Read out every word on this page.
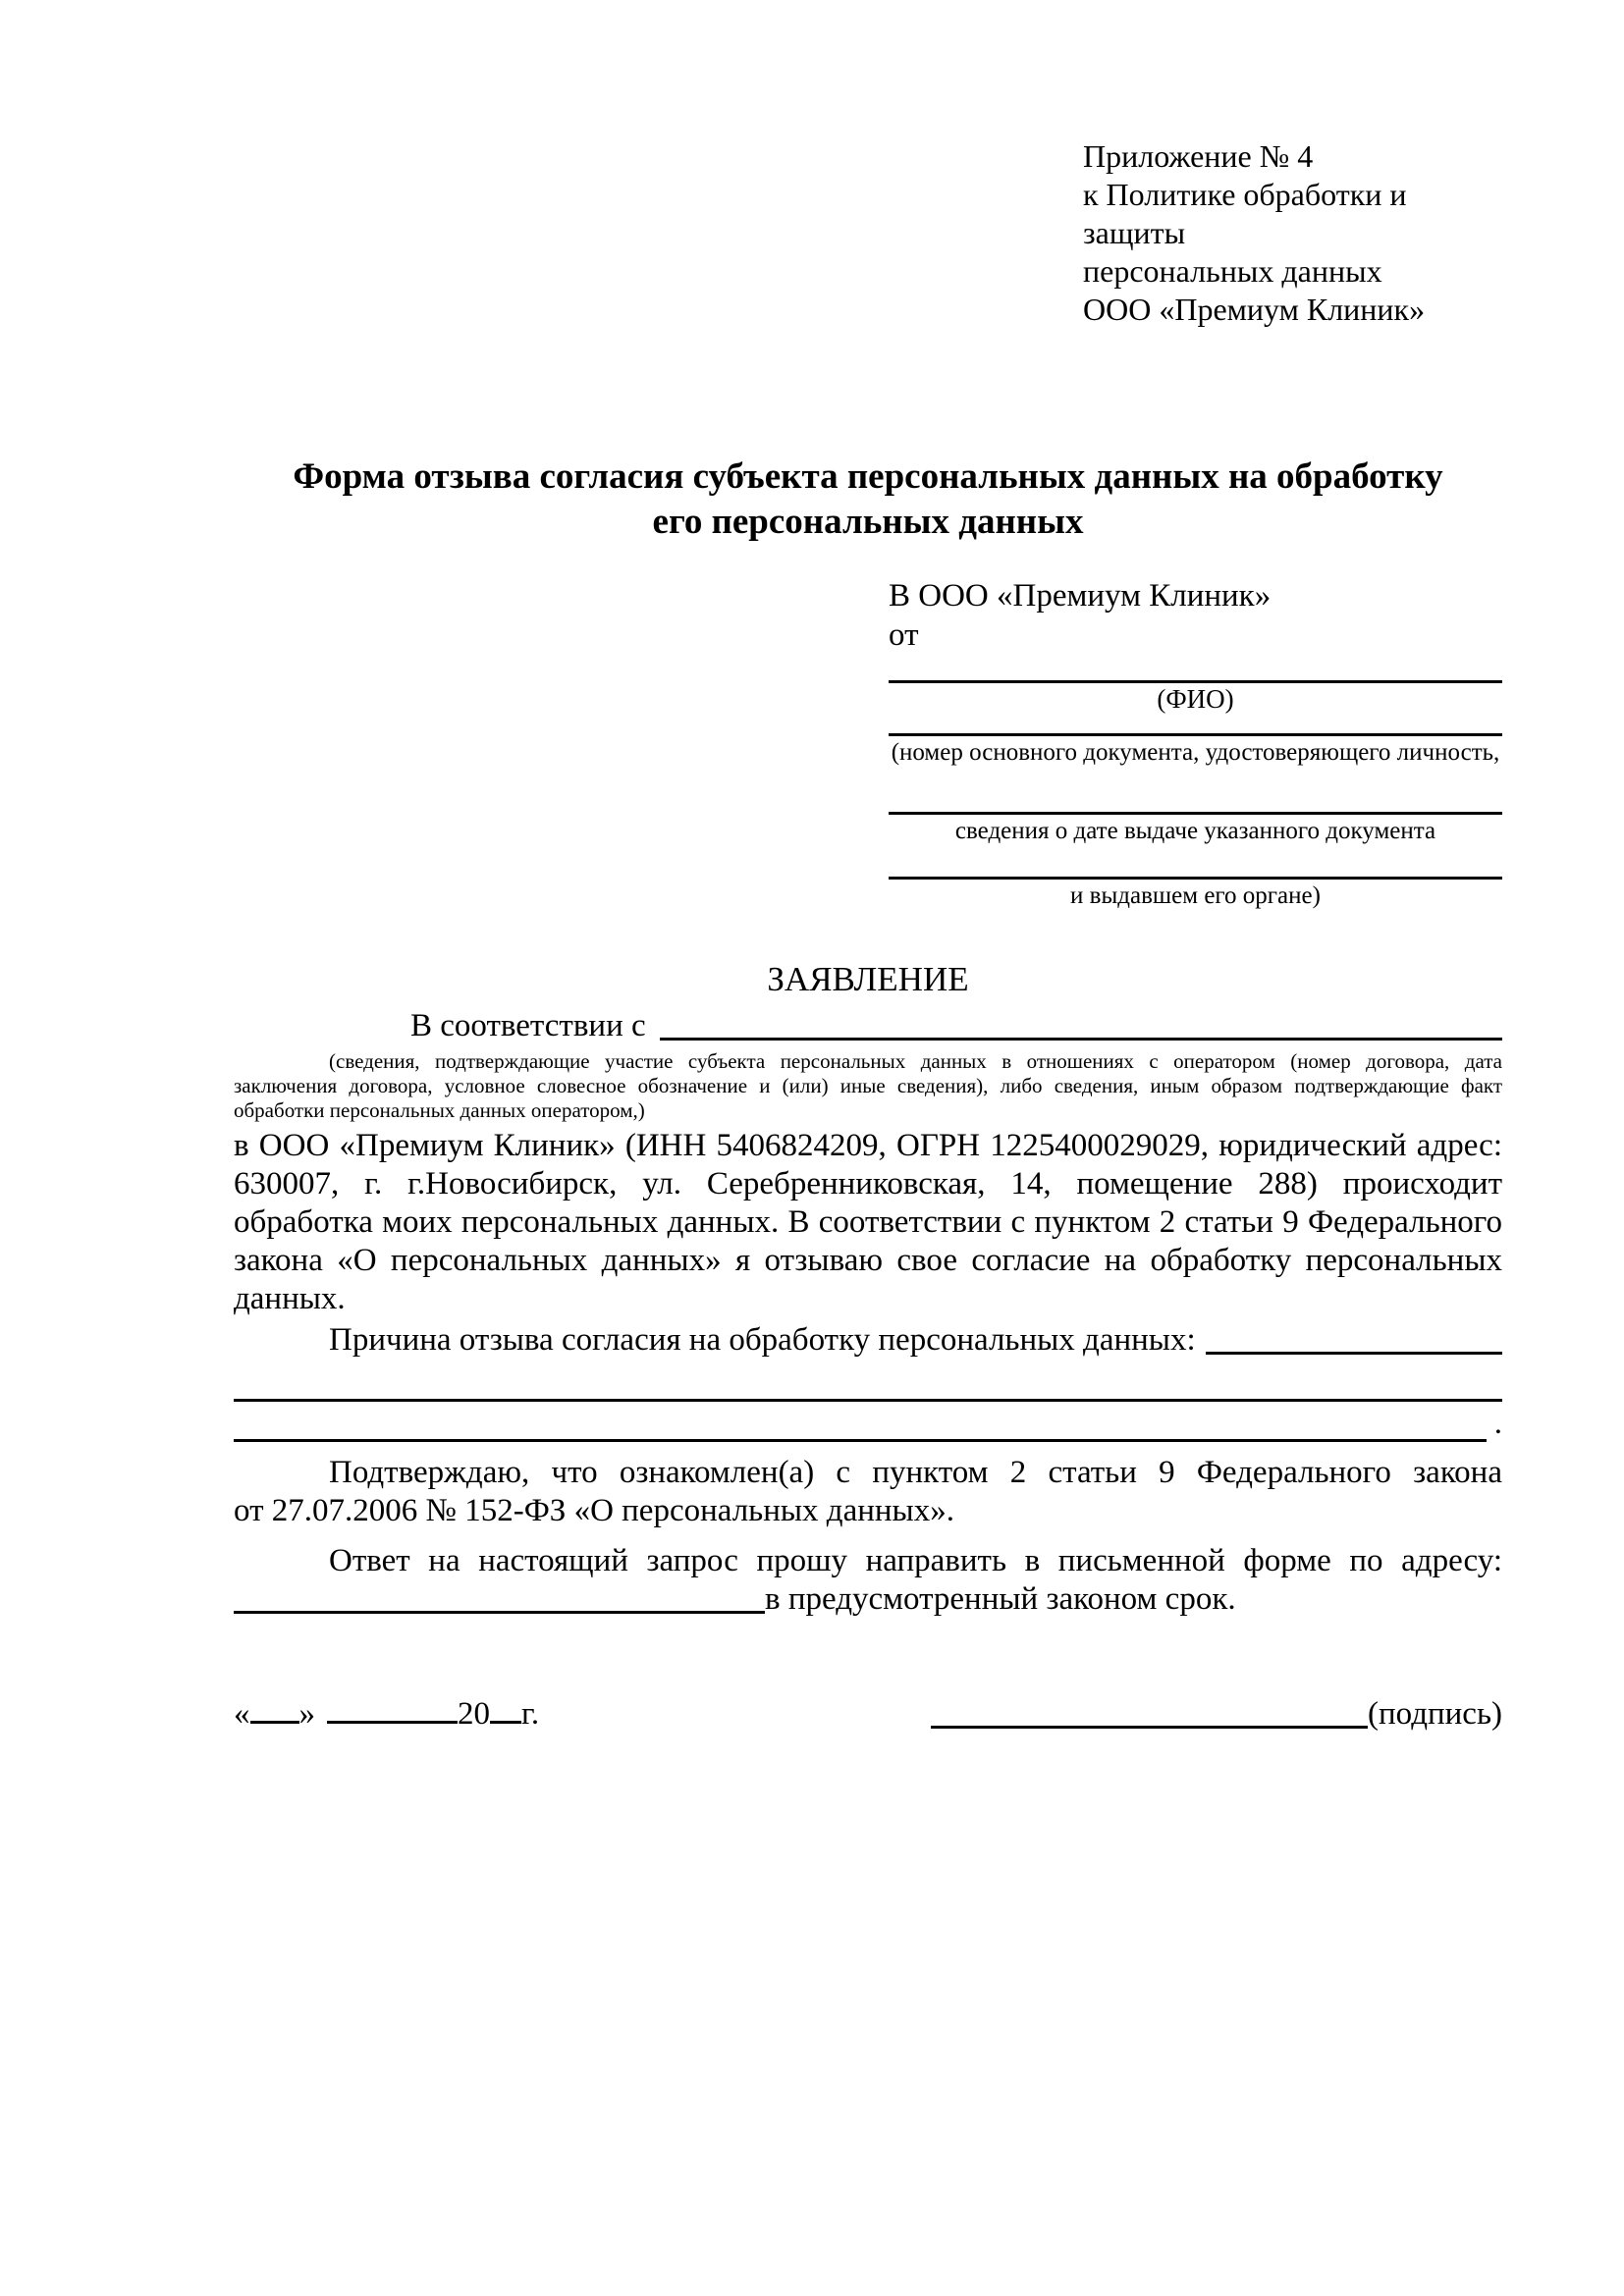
Приложение № 4
к Политике обработки и защиты
персональных данных
ООО «Премиум Клиник»
Форма отзыва согласия субъекта персональных данных на обработку
его персональных данных
В ООО «Премиум Клиник»
от
(ФИО)
(номер основного документа, удостоверяющего личность,
сведения о дате выдаче указанного документа
и выдавшем его органе)
ЗАЯВЛЕНИЕ
В соответствии с
(сведения, подтверждающие участие субъекта персональных данных в отношениях с оператором (номер договора, дата
заключения договора, условное словесное обозначение и (или) иные сведения), либо сведения, иным образом подтверждающие факт
обработки персональных данных оператором,)
в ООО «Премиум Клиник» (ИНН 5406824209, ОГРН 1225400029029, юридический адрес:
630007, г. г.Новосибирск, ул. Серебренниковская, 14, помещение 288) происходит
обработка моих персональных данных. В соответствии с пунктом 2 статьи 9 Федерального
закона «О персональных данных» я отзываю свое согласие на обработку персональных
данных.
Причина отзыва согласия на обработку персональных данных:
.
Подтверждаю, что ознакомлен(а) с пунктом 2 статьи 9 Федерального закона
от 27.07.2006 № 152-ФЗ «О персональных данных».
Ответ на настоящий запрос прошу направить в письменной форме по адресу:
в предусмотренный законом срок.
« »	20 г.	(подпись)
